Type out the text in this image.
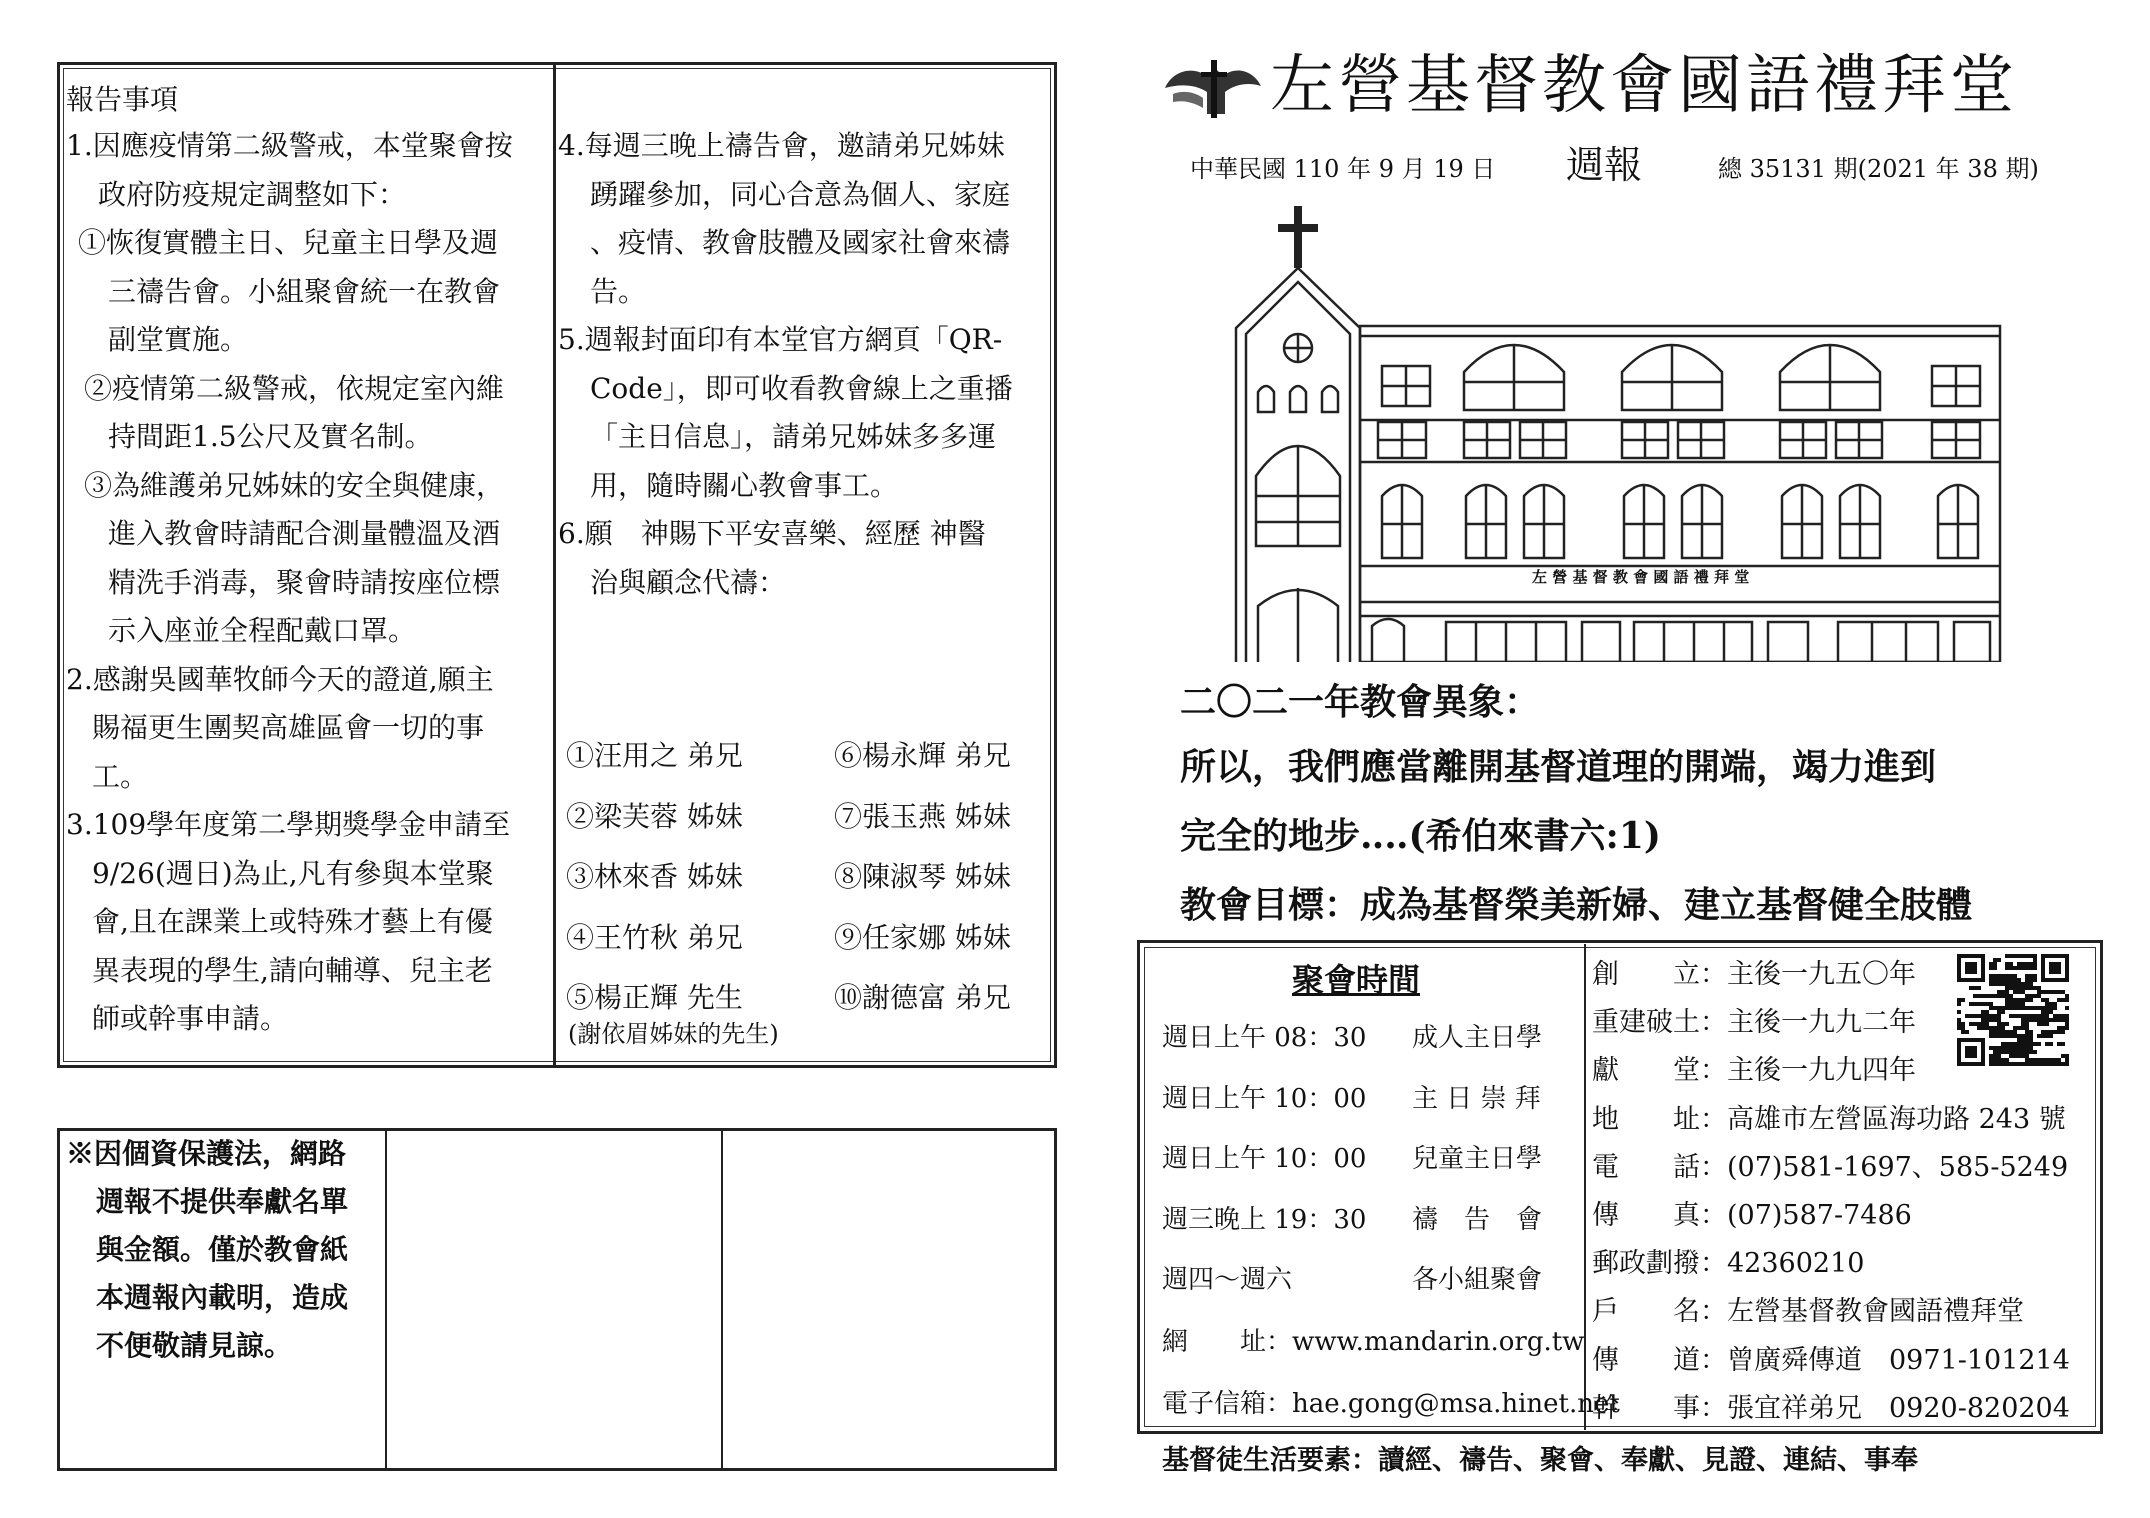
報告事項
(謝依眉姊妹的先生)
左營基督教會國語禮拜堂
中華民國 110 年 9 月 19 日 週報	總 35131 期(2021 年 38 期)
左 營 基 督 教 會 國 語 禮 拜 堂
二〇二一年教會異象：
所以，我們應當離開基督道理的開端，竭力進到
完全的地步‥‥(希伯來書六:1)
教會目標：成為基督榮美新婦、建立基督健全肢體
聚會時間
網　　址：www.mandarin.org.tw
電子信箱：hae.gong@msa.hinet.net
基督徒生活要素：讀經、禱告、聚會、奉獻、見證、連結、事奉
1.因應疫情第二級警戒，本堂聚會按
政府防疫規定調整如下：
①恢復實體主日、兒童主日學及週
三禱告會。小組聚會統一在教會
副堂實施。
②疫情第二級警戒，依規定室內維
持間距1.5公尺及實名制。
③為維護弟兄姊妹的安全與健康，
進入教會時請配合測量體溫及酒
精洗手消毒，聚會時請按座位標
示入座並全程配戴口罩。
2.感謝吳國華牧師今天的證道,願主
賜福更生團契高雄區會一切的事
工。
3.109學年度第二學期獎學金申請至
9/26(週日)為止,凡有參與本堂聚
會,且在課業上或特殊才藝上有優
異表現的學生,請向輔導、兒主老
師或幹事申請。
4.每週三晚上禱告會，邀請弟兄姊妹
踴躍參加，同心合意為個人、家庭
、疫情、教會肢體及國家社會來禱
告。
5.週報封面印有本堂官方網頁「QR-
Code」，即可收看教會線上之重播
「主日信息」，請弟兄姊妹多多運
用，隨時關心教會事工。
6.願　神賜下平安喜樂、經歷 神醫
治與顧念代禱：
①汪用之 弟兄	⑥楊永輝 弟兄
②梁芙蓉 姊妹	⑦張玉燕 姊妹
③林來香 姊妹	⑧陳淑琴 姊妹
④王竹秋 弟兄	⑨任家娜 姊妹
⑤楊正輝 先生	⑩謝德富 弟兄
※因個資保護法，網路
週報不提供奉獻名單
與金額。僅於教會紙
本週報內載明，造成
不便敬請見諒。
週日上午 08：30 成人主日學
週日上午 10：00 主 日 崇 拜
週日上午 10：00 兒童主日學
週三晚上 19：30 禱　告　會
週四～週六	各小組聚會
創　　立：主後一九五〇年
重建破土：主後一九九二年
獻　　堂：主後一九九四年
地　　址：高雄市左營區海功路 243 號
電　　話：(07)581-1697、585-5249
傳　　真：(07)587-7486
郵政劃撥：42360210
戶　　名：左營基督教會國語禮拜堂
傳　　道：曾廣舜傳道　0971-101214
幹　　事：張宜祥弟兄　0920-820204
